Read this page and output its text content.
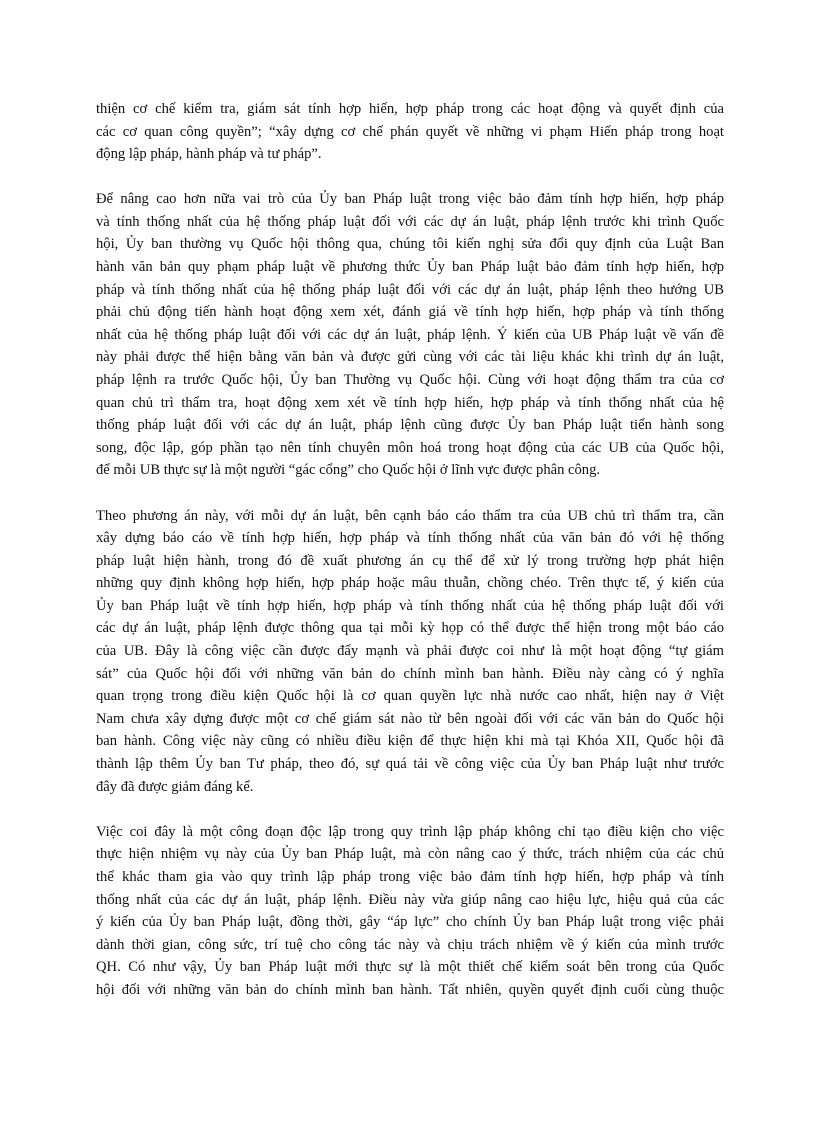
thiện cơ chế kiểm tra, giám sát tính hợp hiến, hợp pháp trong các hoạt động và quyết định của
các cơ quan công quyền”; “xây dựng cơ chế phán quyết về những vi phạm Hiến pháp trong hoạt
động lập pháp, hành pháp và tư pháp”.
Để nâng cao hơn nữa vai trò của Ủy ban Pháp luật trong việc bảo đảm tính hợp hiến, hợp pháp
và tính thống nhất của hệ thống pháp luật đối với các dự án luật, pháp lệnh trước khi trình Quốc
hội, Ủy ban thường vụ Quốc hội thông qua, chúng tôi kiến nghị sửa đổi quy định của Luật Ban
hành văn bản quy phạm pháp luật về phương thức Ủy ban Pháp luật bảo đảm tính hợp hiến, hợp
pháp và tính thống nhất của hệ thống pháp luật đối với các dự án luật, pháp lệnh theo hướng UB
phải chủ động tiến hành hoạt động xem xét, đánh giá về tính hợp hiến, hợp pháp và tính thống
nhất của hệ thống pháp luật đối với các dự án luật, pháp lệnh. Ý kiến của UB Pháp luật về vấn đề
này phải được thể hiện bằng văn bản và được gửi cùng với các tài liệu khác khi trình dự án luật,
pháp lệnh ra trước Quốc hội, Ủy ban Thường vụ Quốc hội. Cùng với hoạt động thẩm tra của cơ
quan chủ trì thẩm tra, hoạt động xem xét về tính hợp hiến, hợp pháp và tính thống nhất của hệ
thống pháp luật đối với các dự án luật, pháp lệnh cũng được Ủy ban Pháp luật tiến hành song
song, độc lập, góp phần tạo nên tính chuyên môn hoá trong hoạt động của các UB của Quốc hội,
để mỗi UB thực sự là một người “gác cổng” cho Quốc hội ở lĩnh vực được phân công.
Theo phương án này, với mỗi dự án luật, bên cạnh báo cáo thẩm tra của UB chủ trì thẩm tra, cần
xây dựng báo cáo về tính hợp hiến, hợp pháp và tính thống nhất của văn bản đó với hệ thống
pháp luật hiện hành, trong đó đề xuất phương án cụ thể để xử lý trong trường hợp phát hiện
những quy định không hợp hiến, hợp pháp hoặc mâu thuẫn, chồng chéo. Trên thực tế, ý kiến của
Ủy ban Pháp luật về tính hợp hiến, hợp pháp và tính thống nhất của hệ thống pháp luật đối với
các dự án luật, pháp lệnh được thông qua tại mỗi kỳ họp có thể được thể hiện trong một báo cáo
của UB. Đây là công việc cần được đẩy mạnh và phải được coi như là một hoạt động “tự giám
sát” của Quốc hội đối với những văn bản do chính mình ban hành. Điều này càng có ý nghĩa
quan trọng trong điều kiện Quốc hội là cơ quan quyền lực nhà nước cao nhất, hiện nay ở Việt
Nam chưa xây dựng được một cơ chế giám sát nào từ bên ngoài đối với các văn bản do Quốc hội
ban hành. Công việc này cũng có nhiều điều kiện để thực hiện khi mà tại Khóa XII, Quốc hội đã
thành lập thêm Ủy ban Tư pháp, theo đó, sự quá tải về công việc của Ủy ban Pháp luật như trước
đây đã được giảm đáng kể.
Việc coi đây là một công đoạn độc lập trong quy trình lập pháp không chỉ tạo điều kiện cho việc
thực hiện nhiệm vụ này của Ủy ban Pháp luật, mà còn nâng cao ý thức, trách nhiệm của các chủ
thể khác tham gia vào quy trình lập pháp trong việc bảo đảm tính hợp hiến, hợp pháp và tính
thống nhất của các dự án luật, pháp lệnh. Điều này vừa giúp nâng cao hiệu lực, hiệu quả của các
ý kiến của Ủy ban Pháp luật, đồng thời, gây “áp lực” cho chính Ủy ban Pháp luật trong việc phải
dành thời gian, công sức, trí tuệ cho công tác này và chịu trách nhiệm về ý kiến của mình trước
QH. Có như vậy, Ủy ban Pháp luật mới thực sự là một thiết chế kiểm soát bên trong của Quốc
hội đối với những văn bản do chính mình ban hành. Tất nhiên, quyền quyết định cuối cùng thuộc
